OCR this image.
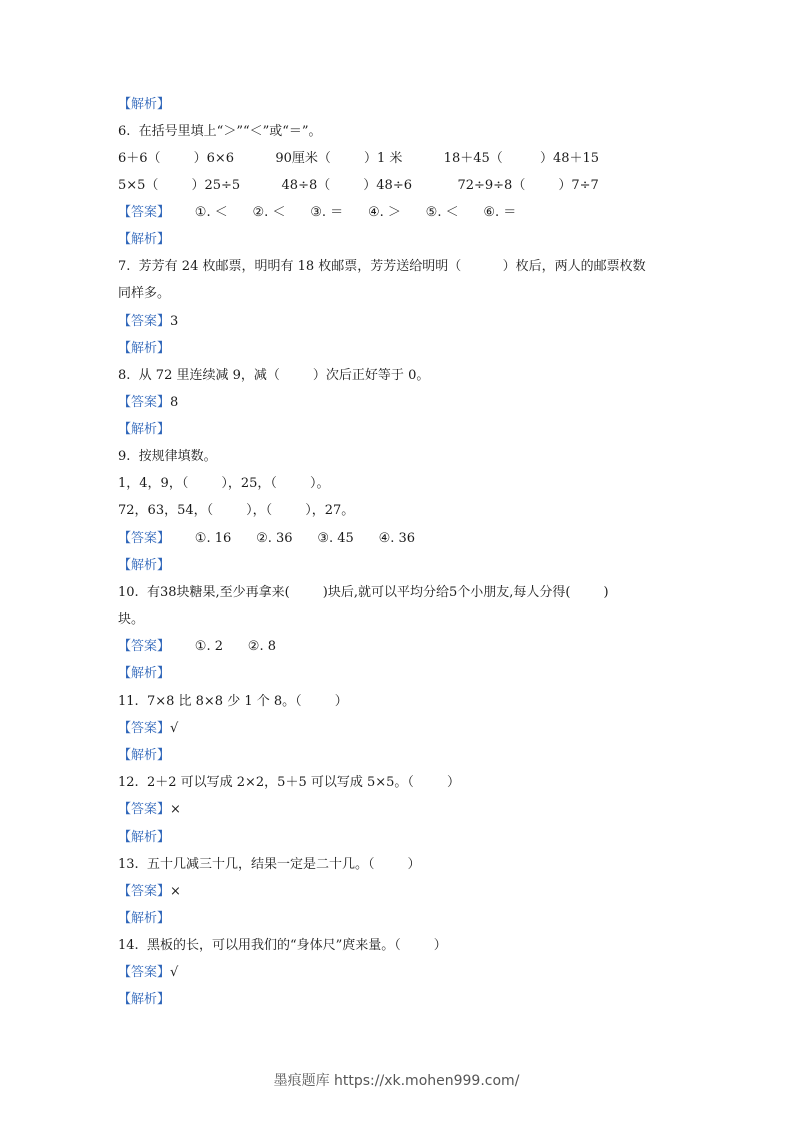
【解析】
6.  在括号里填上“＞”“＜”或“＝”。
6＋6（        ）6×6          90厘米（        ）1 米          18＋45（         ）48＋15
5×5（        ）25÷5          48÷8（        ）48÷6           72÷9÷8（        ）7÷7
【答案】      ①. ＜      ②. ＜      ③. ＝      ④. ＞      ⑤. ＜      ⑥. ＝
【解析】
7.  芳芳有 24 枚邮票，明明有 18 枚邮票，芳芳送给明明（          ）枚后，两人的邮票枚数
同样多。
【答案】3
【解析】
8.  从 72 里连续减 9，减（        ）次后正好等于 0。
【答案】8
【解析】
9.  按规律填数。
1，4，9，（        ），25，（        ）。
72，63，54，（        ），（        ），27。
【答案】      ①. 16      ②. 36      ③. 45      ④. 36
【解析】
10.  有38块糖果,至少再拿来(        )块后,就可以平均分给5个小朋友,每人分得(        )
块。
【答案】      ①. 2      ②. 8
【解析】
11.  7×8 比 8×8 少 1 个 8。（        ）
【答案】√
【解析】
12.  2＋2 可以写成 2×2，5＋5 可以写成 5×5。（        ）
【答案】×
【解析】
13.  五十几减三十几，结果一定是二十几。（        ）
【答案】×
【解析】
14.  黑板的长，可以用我们的“身体尺”庹来量。（        ）
【答案】√
【解析】
墨痕题库 https://xk.mohen999.com/
